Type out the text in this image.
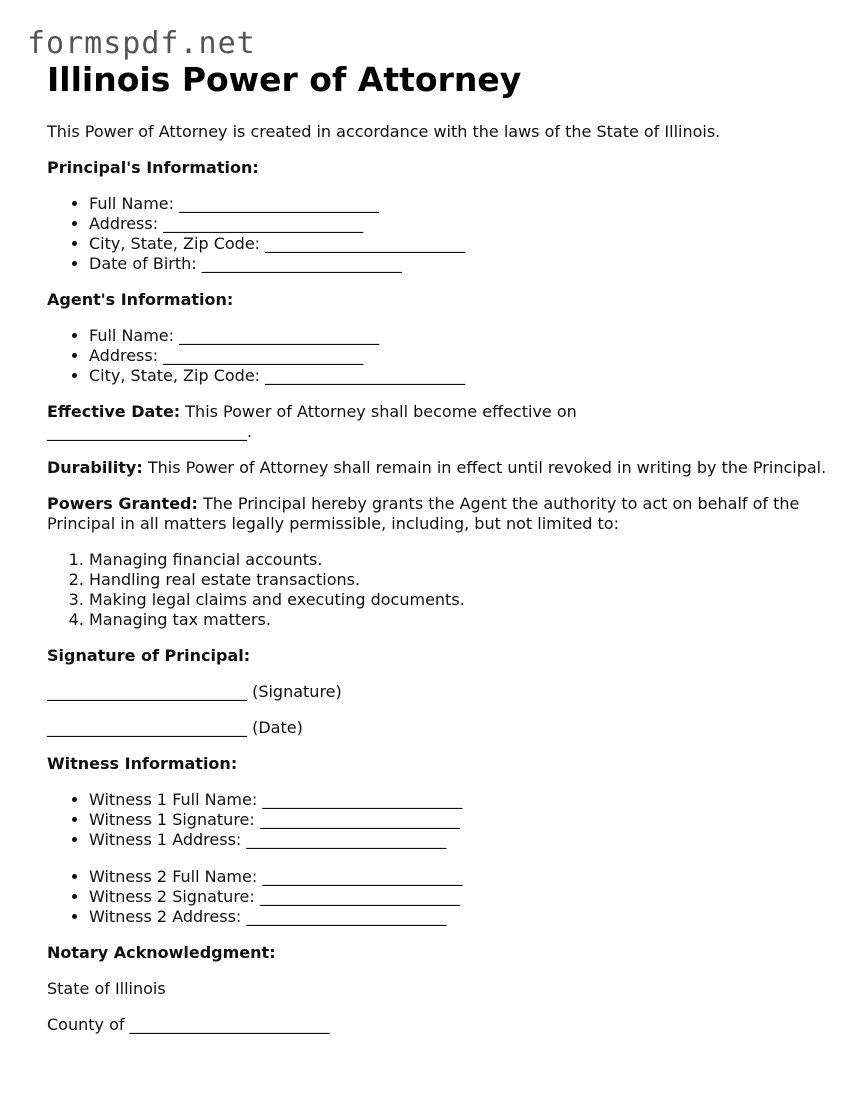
formspdf.net
Illinois Power of Attorney

This Power of Attorney is created in accordance with the laws of the State of Illinois.

Principal's Information:

• Full Name: _________________________
• Address: _________________________
• City, State, Zip Code: _________________________
• Date of Birth: _________________________

Agent's Information:

• Full Name: _________________________
• Address: _________________________
• City, State, Zip Code: _________________________

Effective Date: This Power of Attorney shall become effective on
_________________________.

Durability: This Power of Attorney shall remain in effect until revoked in writing by the Principal.

Powers Granted: The Principal hereby grants the Agent the authority to act on behalf of the Principal in all matters legally permissible, including, but not limited to:

1. Managing financial accounts.
2. Handling real estate transactions.
3. Making legal claims and executing documents.
4. Managing tax matters.

Signature of Principal:

_________________________ (Signature)

_________________________ (Date)

Witness Information:

• Witness 1 Full Name: _________________________
• Witness 1 Signature: _________________________
• Witness 1 Address: _________________________
• Witness 2 Full Name: _________________________
• Witness 2 Signature: _________________________
• Witness 2 Address: _________________________

Notary Acknowledgment:

State of Illinois

County of _________________________
